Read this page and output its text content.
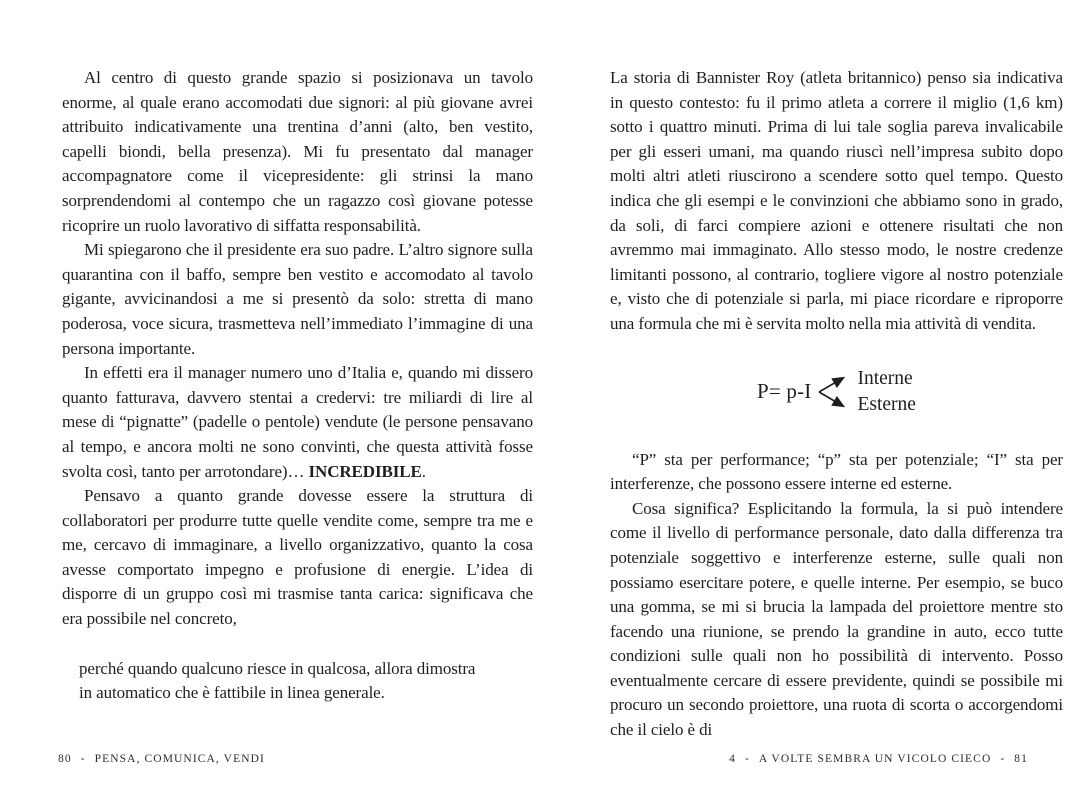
Al centro di questo grande spazio si posizionava un tavolo enorme, al quale erano accomodati due signori: al più giovane avrei attribuito indicativamente una trentina d’anni (alto, ben vestito, capelli biondi, bella presenza). Mi fu presentato dal manager accompagnatore come il vicepresidente: gli strinsi la mano sorprendendomi al contempo che un ragazzo così giovane potesse ricoprire un ruolo lavorativo di siffatta responsabilità.

Mi spiegarono che il presidente era suo padre. L’altro signore sulla quarantina con il baffo, sempre ben vestito e accomodato al tavolo gigante, avvicinandosi a me si presentò da solo: stretta di mano poderosa, voce sicura, trasmetteva nell’immediato l’immagine di una persona importante.

In effetti era il manager numero uno d’Italia e, quando mi dissero quanto fatturava, davvero stentai a credervi: tre miliardi di lire al mese di “pignatte” (padelle o pentole) vendute (le persone pensavano al tempo, e ancora molti ne sono convinti, che questa attività fosse svolta così, tanto per arrotondare)… INCREDIBILE.

Pensavo a quanto grande dovesse essere la struttura di collaboratori per produrre tutte quelle vendite come, sempre tra me e me, cercavo di immaginare, a livello organizzativo, quanto la cosa avesse comportato impegno e profusione di energie. L’idea di disporre di un gruppo così mi trasmise tanta carica: significava che era possibile nel concreto,

perché quando qualcuno riesce in qualcosa, allora dimostra in automatico che è fattibile in linea generale.

La storia di Bannister Roy (atleta britannico) penso sia indicativa in questo contesto: fu il primo atleta a correre il miglio (1,6 km) sotto i quattro minuti. Prima di lui tale soglia pareva invalicabile per gli esseri umani, ma quando riuscì nell’impresa subito dopo molti altri atleti riuscirono a scendere sotto quel tempo. Questo indica che gli esempi e le convinzioni che abbiamo sono in grado, da soli, di farci compiere azioni e ottenere risultati che non avremmo mai immaginato. Allo stesso modo, le nostre credenze limitanti possono, al contrario, togliere vigore al nostro potenziale e, visto che di potenziale si parla, mi piace ricordare e riproporre una formula che mi è servita molto nella mia attività di vendita.

P= p-I
Interne
Esterne

“P” sta per performance; “p” sta per potenziale; “I” sta per interferenze, che possono essere interne ed esterne.

Cosa significa? Esplicitando la formula, la si può intendere come il livello di performance personale, dato dalla differenza tra potenziale soggettivo e interferenze esterne, sulle quali non possiamo esercitare potere, e quelle interne. Per esempio, se buco una gomma, se mi si brucia la lampada del proiettore mentre sto facendo una riunione, se prendo la grandine in auto, ecco tutte condizioni sulle quali non ho possibilità di intervento. Posso eventualmente cercare di essere previdente, quindi se possibile mi procuro un secondo proiettore, una ruota di scorta o accorgendomi che il cielo è di

80 - PENSA, COMUNICA, VENDI	4 - A VOLTE SEMBRA UN VICOLO CIECO - 81
